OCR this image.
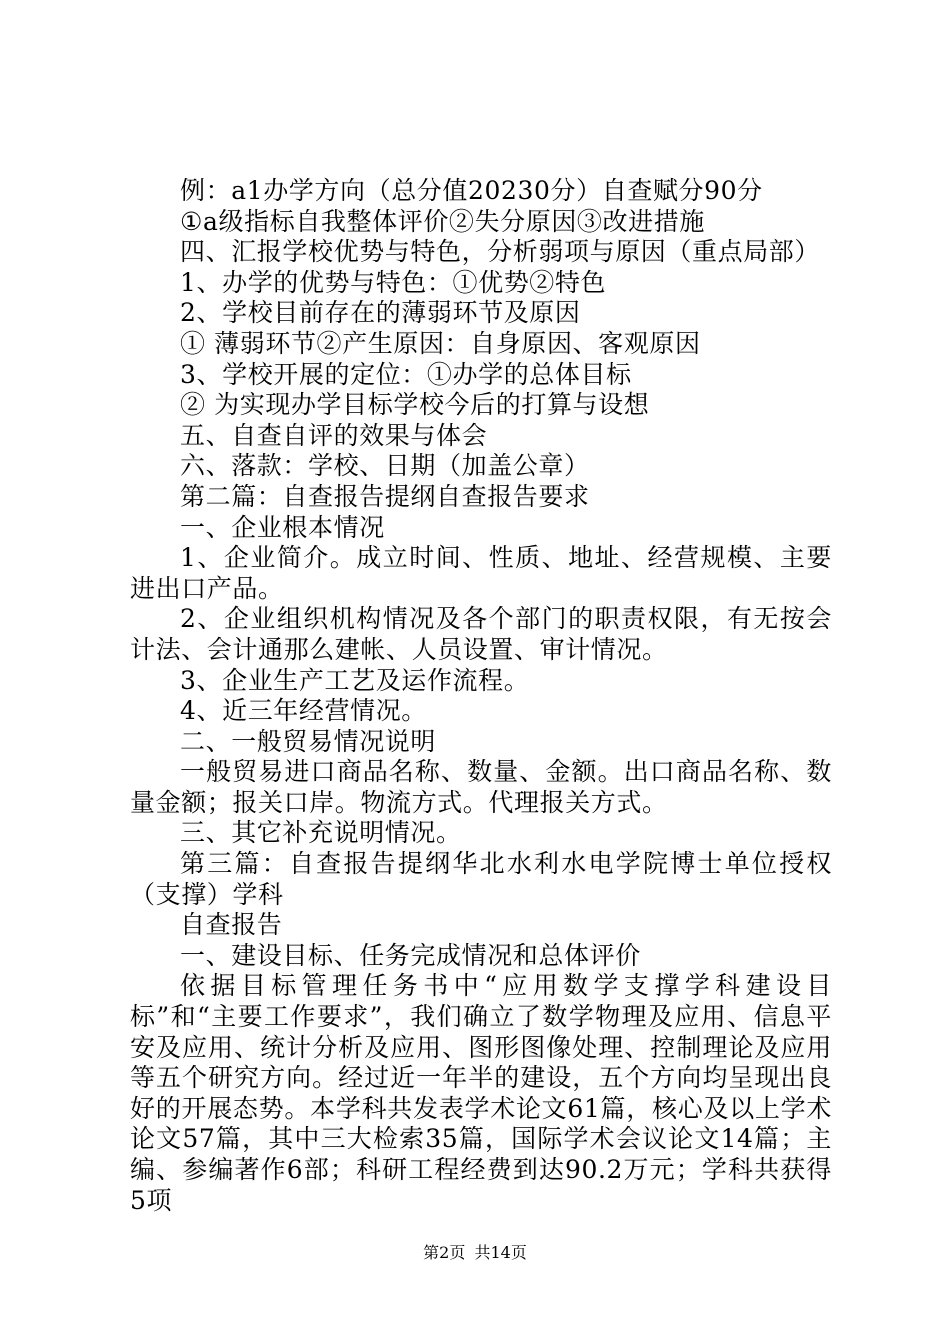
例：a1办学方向（总分值20230分）自查赋分90分

①a级指标自我整体评价②失分原因③改进措施

四、汇报学校优势与特色，分析弱项与原因（重点局部）

1、办学的优势与特色：①优势②特色

2、学校目前存在的薄弱环节及原因

① 薄弱环节②产生原因：自身原因、客观原因

3、学校开展的定位：①办学的总体目标

② 为实现办学目标学校今后的打算与设想

五、自查自评的效果与体会

六、落款：学校、日期（加盖公章）

第二篇：自查报告提纲自查报告要求

一、企业根本情况

1、企业简介。成立时间、性质、地址、经营规模、主要进出口产品。

2、企业组织机构情况及各个部门的职责权限，有无按会计法、会计通那么建帐、人员设置、审计情况。

3、企业生产工艺及运作流程。

4、近三年经营情况。

二、一般贸易情况说明

一般贸易进口商品名称、数量、金额。出口商品名称、数量金额；报关口岸。物流方式。代理报关方式。

三、其它补充说明情况。

第三篇：自查报告提纲华北水利水电学院博士单位授权（支撑）学科

自查报告

一、建设目标、任务完成情况和总体评价

依据目标管理任务书中“应用数学支撑学科建设目标”和“主要工作要求”，我们确立了数学物理及应用、信息平安及应用、统计分析及应用、图形图像处理、控制理论及应用等五个研究方向。经过近一年半的建设，五个方向均呈现出良好的开展态势。本学科共发表学术论文61篇，核心及以上学术论文57篇，其中三大检索35篇，国际学术会议论文14篇；主编、参编著作6部；科研工程经费到达90.2万元；学科共获得5项

第2页 共14页
